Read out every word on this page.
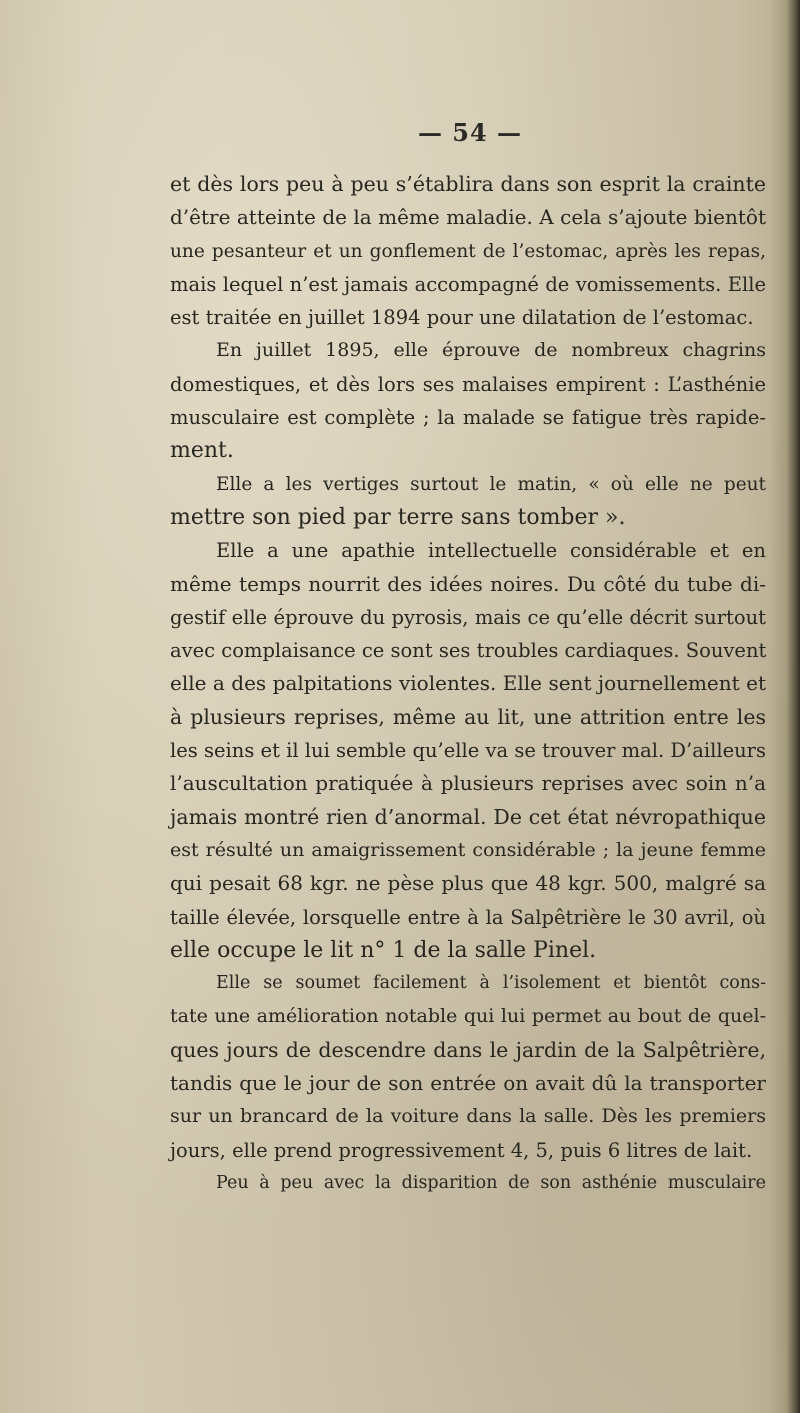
— 54 —
et dès lors peu à peu s’établira dans son esprit la crainte
d’être atteinte de la même maladie. A cela s’ajoute bientôt
une pesanteur et un gonflement de l’estomac, après les repas,
mais lequel n’est jamais accompagné de vomissements. Elle
est traitée en juillet 1894 pour une dilatation de l’estomac.
En juillet 1895, elle éprouve de nombreux chagrins
domestiques, et dès lors ses malaises empirent : L’asthénie
musculaire est complète ; la malade se fatigue très rapide-
ment.
Elle a les vertiges surtout le matin, « où elle ne peut
mettre son pied par terre sans tomber ».
Elle a une apathie intellectuelle considérable et en
même temps nourrit des idées noires. Du côté du tube di-
gestif elle éprouve du pyrosis, mais ce qu’elle décrit surtout
avec complaisance ce sont ses troubles cardiaques. Souvent
elle a des palpitations violentes. Elle sent journellement et
à plusieurs reprises, même au lit, une attrition entre les
les seins et il lui semble qu’elle va se trouver mal. D’ailleurs
l’auscultation pratiquée à plusieurs reprises avec soin n’a
jamais montré rien d’anormal. De cet état névropathique
est résulté un amaigrissement considérable ; la jeune femme
qui pesait 68 kgr. ne pèse plus que 48 kgr. 500, malgré sa
taille élevée, lorsquelle entre à la Salpêtrière le 30 avril, où
elle occupe le lit n° 1 de la salle Pinel.
Elle se soumet facilement à l’isolement et bientôt cons-
tate une amélioration notable qui lui permet au bout de quel-
ques jours de descendre dans le jardin de la Salpêtrière,
tandis que le jour de son entrée on avait dû la transporter
sur un brancard de la voiture dans la salle. Dès les premiers
jours, elle prend progressivement 4, 5, puis 6 litres de lait.
Peu à peu avec la disparition de son asthénie musculaire
